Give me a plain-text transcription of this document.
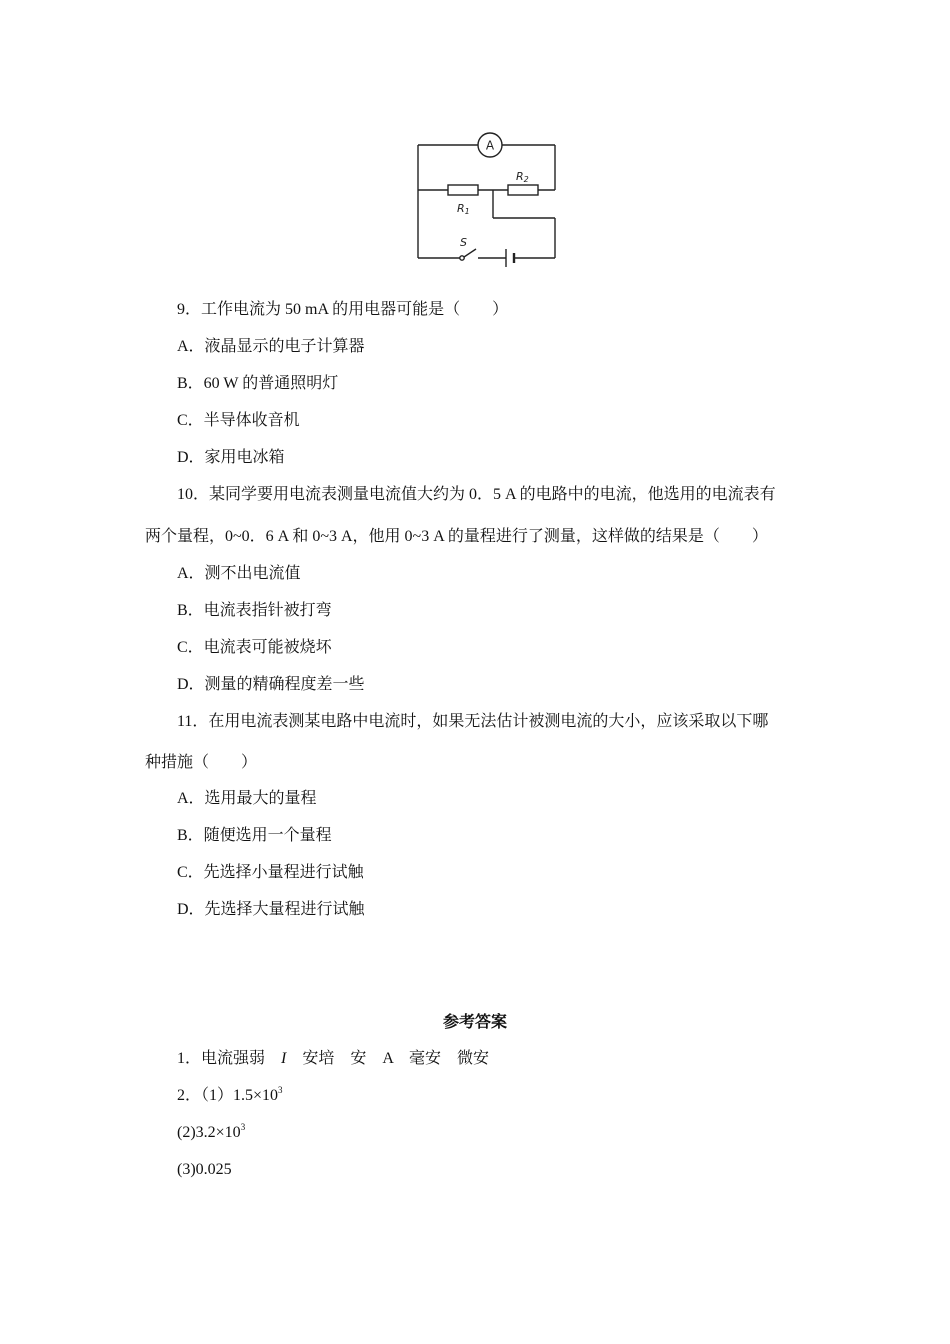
A
R1
R2
S
9．工作电流为 50 mA 的用电器可能是（　　）
A．液晶显示的电子计算器
B．60 W 的普通照明灯
C．半导体收音机
D．家用电冰箱
10．某同学要用电流表测量电流值大约为 0．5 A 的电路中的电流，他选用的电流表有
两个量程，0~0．6 A 和 0~3 A，他用 0~3 A 的量程进行了测量，这样做的结果是（　　）
A．测不出电流值
B．电流表指针被打弯
C．电流表可能被烧坏
D．测量的精确程度差一些
11．在用电流表测某电路中电流时，如果无法估计被测电流的大小，应该采取以下哪
种措施（　　）
A．选用最大的量程
B．随便选用一个量程
C．先选择小量程进行试触
D．先选择大量程进行试触
参考答案
1．电流强弱　I　安培　安　A　毫安　微安
2．$(1)1.5\times 10^3$
$(2)3.2\times 10^3$
(3)0.025
